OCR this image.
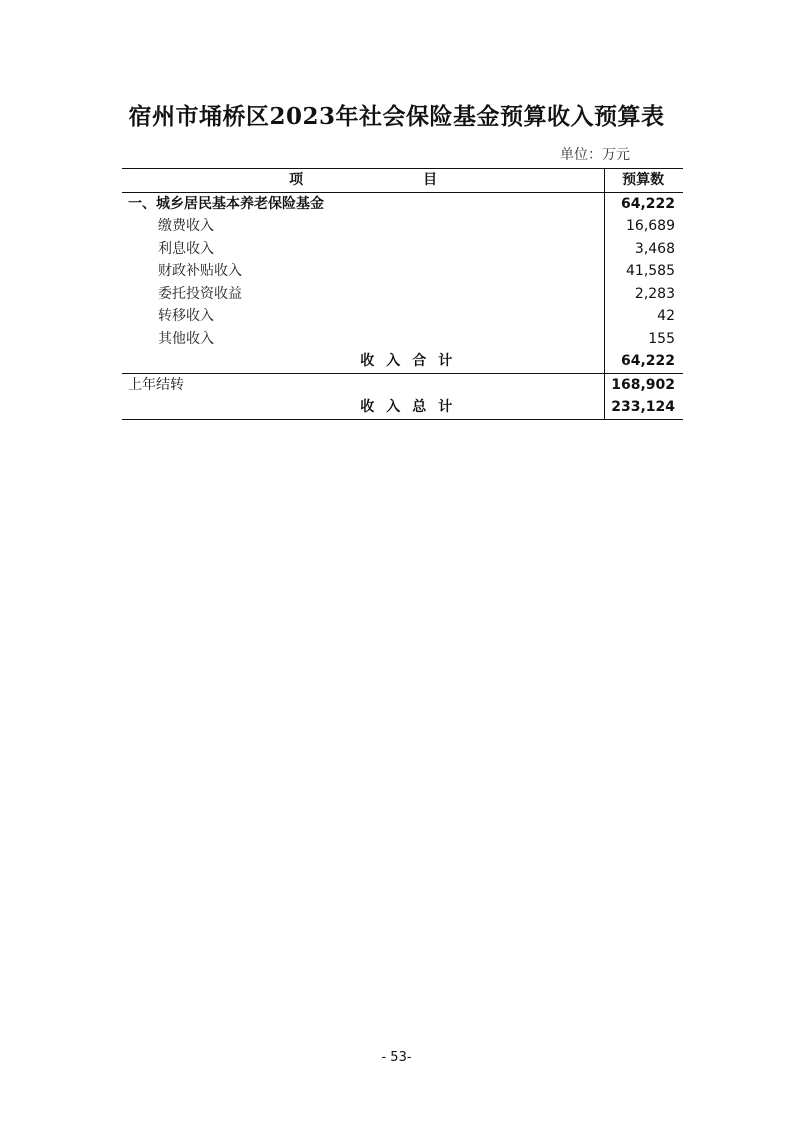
宿州市埇桥区2023年社会保险基金预算收入预算表
单位：万元
项 目	预算数
一、城乡居民基本养老保险基金	64,222
缴费收入	16,689
利息收入	3,468
财政补贴收入	41,585
委托投资收益	2,283
转移收入	42
其他收入	155
收入合计	64,222
上年结转	168,902
收入总计	233,124
- 53-
